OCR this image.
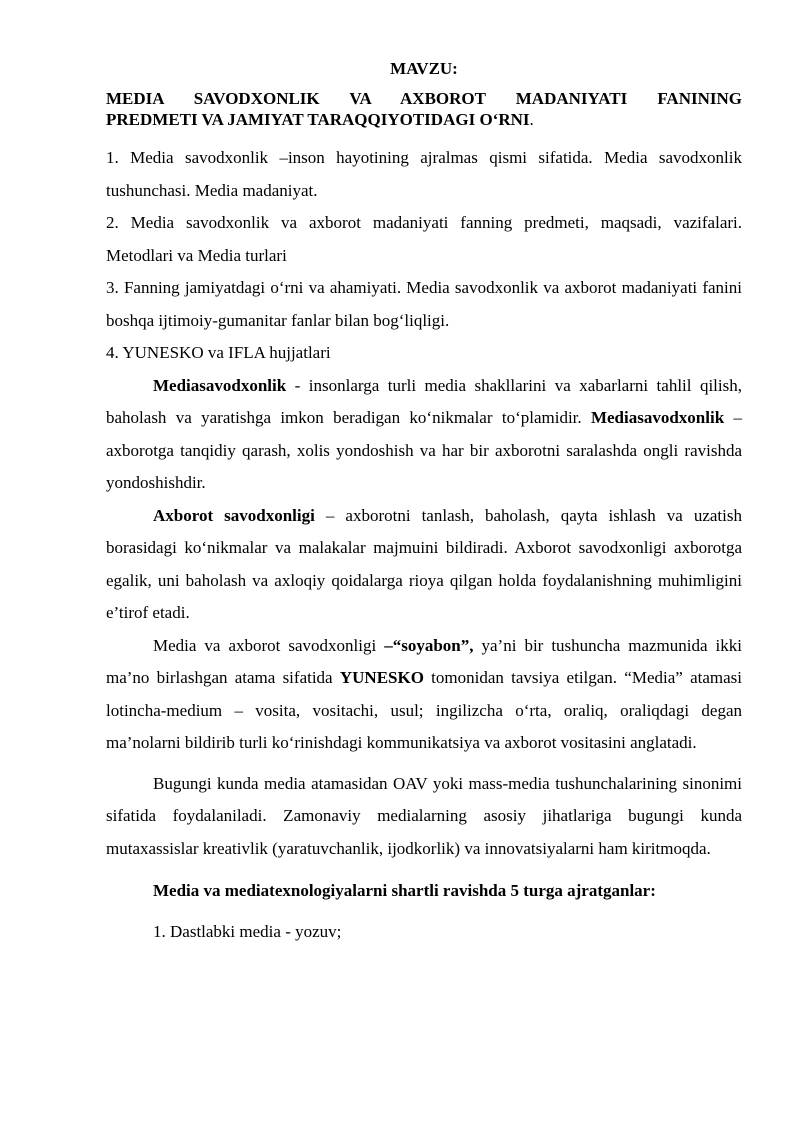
MAVZU:
MEDIA SAVODXONLIK VA AXBOROT MADANIYATI FANINING
PREDMETI VA JAMIYAT TARAQQIYOTIDAGI O‘RNI.

1. Media savodxonlik –inson hayotining ajralmas qismi sifatida. Media savodxonlik tushunchasi. Media madaniyat.

2. Media savodxonlik va axborot madaniyati fanning predmeti, maqsadi, vazifalari. Metodlari va Media turlari

3. Fanning jamiyatdagi o‘rni va ahamiyati. Media savodxonlik va axborot madaniyati fanini boshqa ijtimoiy-gumanitar fanlar bilan bog‘liqligi.

4. YUNESKO va IFLA hujjatlari

Mediasavodxonlik - insonlarga turli media shakllarini va xabarlarni tahlil qilish, baholash va yaratishga imkon beradigan ko‘nikmalar to‘plamidir. Mediasavodxonlik – axborotga tanqidiy qarash, xolis yondoshish va har bir axborotni saralashda ongli ravishda yondoshishdir.

Axborot savodxonligi – axborotni tanlash, baholash, qayta ishlash va uzatish borasidagi ko‘nikmalar va malakalar majmuini bildiradi. Axborot savodxonligi axborotga egalik, uni baholash va axloqiy qoidalarga rioya qilgan holda foydalanishning muhimligini e’tirof etadi.

Media va axborot savodxonligi –“soyabon”, ya’ni bir tushuncha mazmunida ikki ma’no birlashgan atama sifatida YUNESKO tomonidan tavsiya etilgan. “Media” atamasi lotincha-medium – vosita, vositachi, usul; ingilizcha o‘rta, oraliq, oraliqdagi degan ma’nolarni bildirib turli ko‘rinishdagi kommunikatsiya va axborot vositasini anglatadi.

Bugungi kunda media atamasidan OAV yoki mass-media tushunchalarining sinonimi sifatida foydalaniladi. Zamonaviy medialarning asosiy jihatlariga bugungi kunda mutaxassislar kreativlik (yaratuvchanlik, ijodkorlik) va innovatsiyalarni ham kiritmoqda.

Media va mediatexnologiyalarni shartli ravishda 5 turga ajratganlar:

1. Dastlabki media - yozuv;
